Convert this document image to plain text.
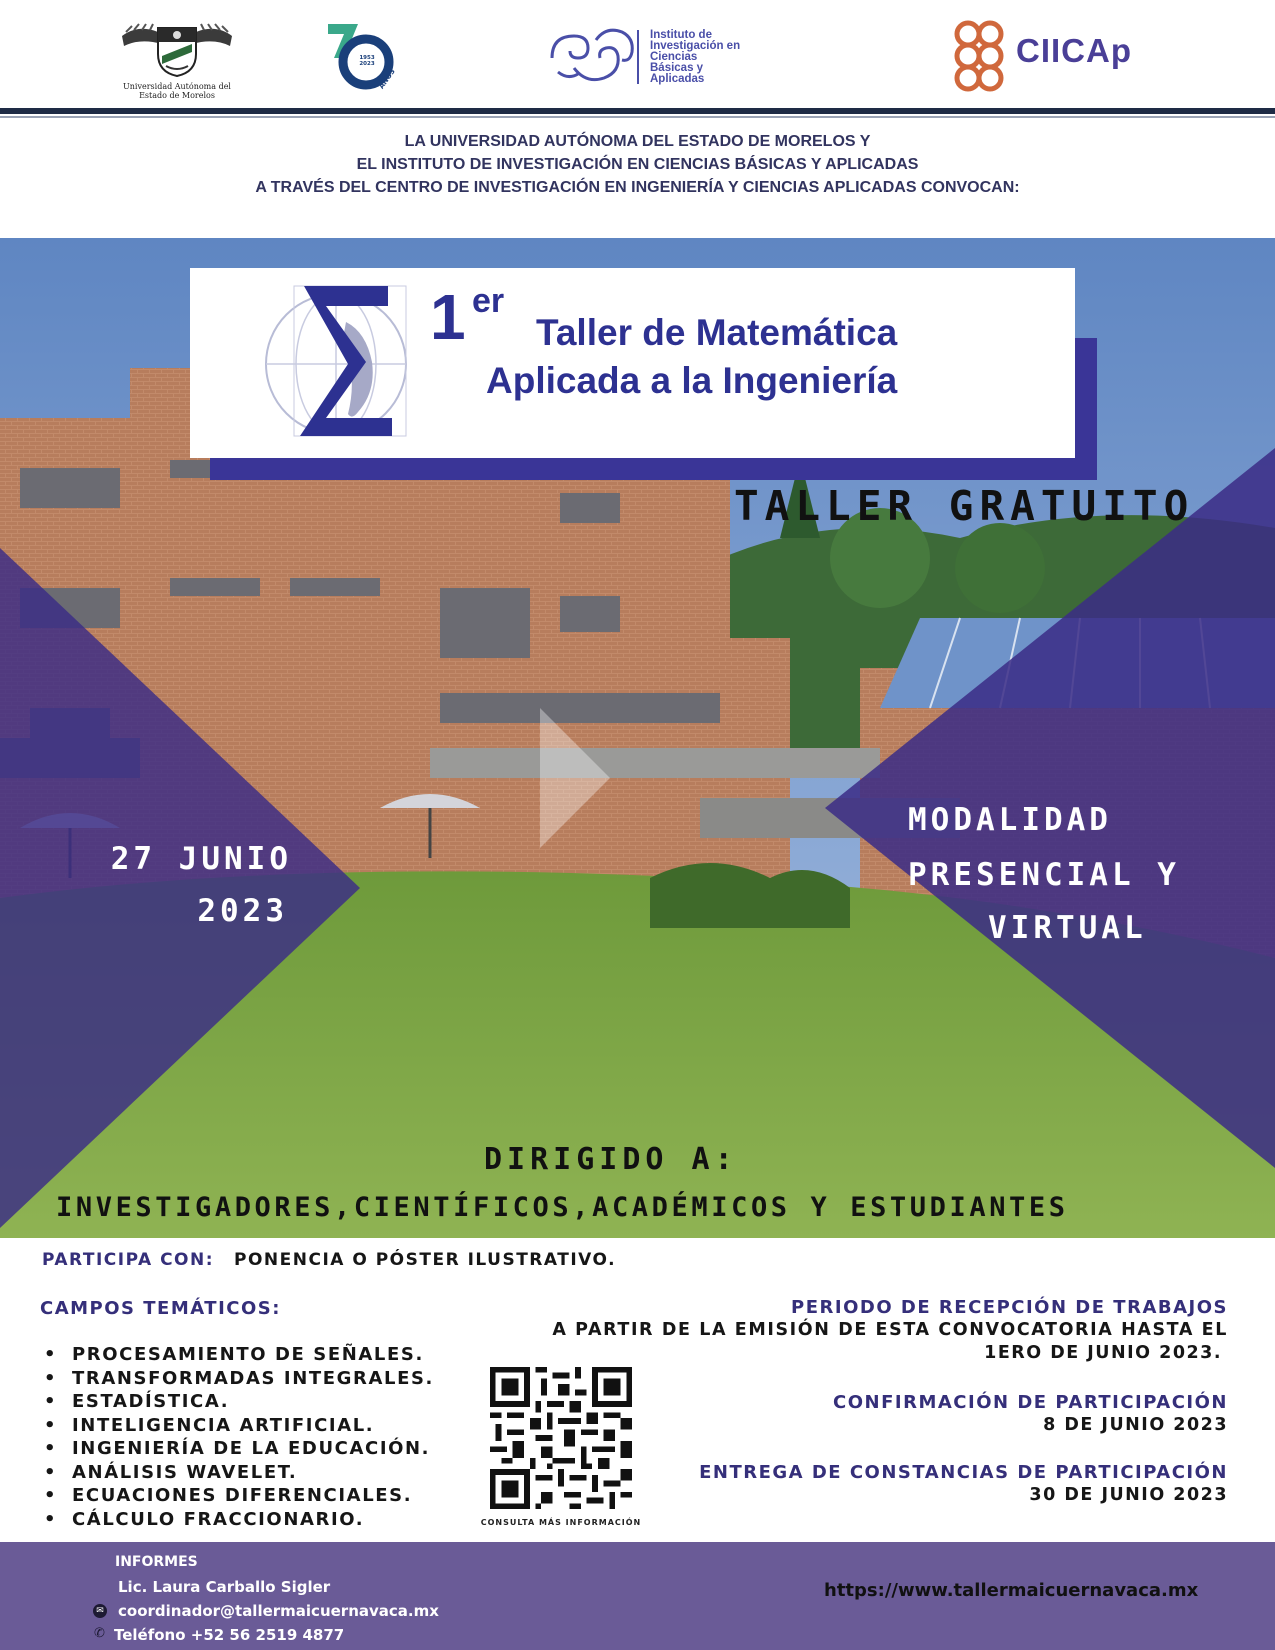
Universidad Autónoma del Estado de Morelos
1953 2023
AÑOS
Instituto de
Investigación en
Ciencias
Básicas y
Aplicadas
CIICAp
LA UNIVERSIDAD AUTÓNOMA DEL ESTADO DE MORELOS Y
EL INSTITUTO DE INVESTIGACIÓN EN CIENCIAS BÁSICAS Y APLICADAS
A TRAVÉS DEL CENTRO DE INVESTIGACIÓN EN INGENIERÍA Y CIENCIAS APLICADAS CONVOCAN:
1 er
Taller de Matemática
Aplicada a la Ingeniería
TALLER GRATUITO
27 JUNIO
2023
MODALIDAD
PRESENCIAL Y
VIRTUAL
DIRIGIDO A:
INVESTIGADORES,CIENTÍFICOS,ACADÉMICOS Y ESTUDIANTES
PARTICIPA CON: PONENCIA O PÓSTER ILUSTRATIVO.
CAMPOS TEMÁTICOS:
• PROCESAMIENTO DE SEÑALES.
• TRANSFORMADAS INTEGRALES.
• ESTADÍSTICA.
• INTELIGENCIA ARTIFICIAL.
• INGENIERÍA DE LA EDUCACIÓN.
• ANÁLISIS WAVELET.
• ECUACIONES DIFERENCIALES.
• CÁLCULO FRACCIONARIO.	CONSULTA MÁS INFORMACIÓN
PERIODO DE RECEPCIÓN DE TRABAJOS
A PARTIR DE LA EMISIÓN DE ESTA CONVOCATORIA HASTA EL
1ERO DE JUNIO 2023.
CONFIRMACIÓN DE PARTICIPACIÓN
8 DE JUNIO 2023
ENTREGA DE CONSTANCIAS DE PARTICIPACIÓN
30 DE JUNIO 2023
INFORMES
Lic. Laura Carballo Sigler
✉ coordinador@tallermaicuernavaca.mx
✆ Teléfono +52 56 2519 4877
https://www.tallermaicuernavaca.mx
